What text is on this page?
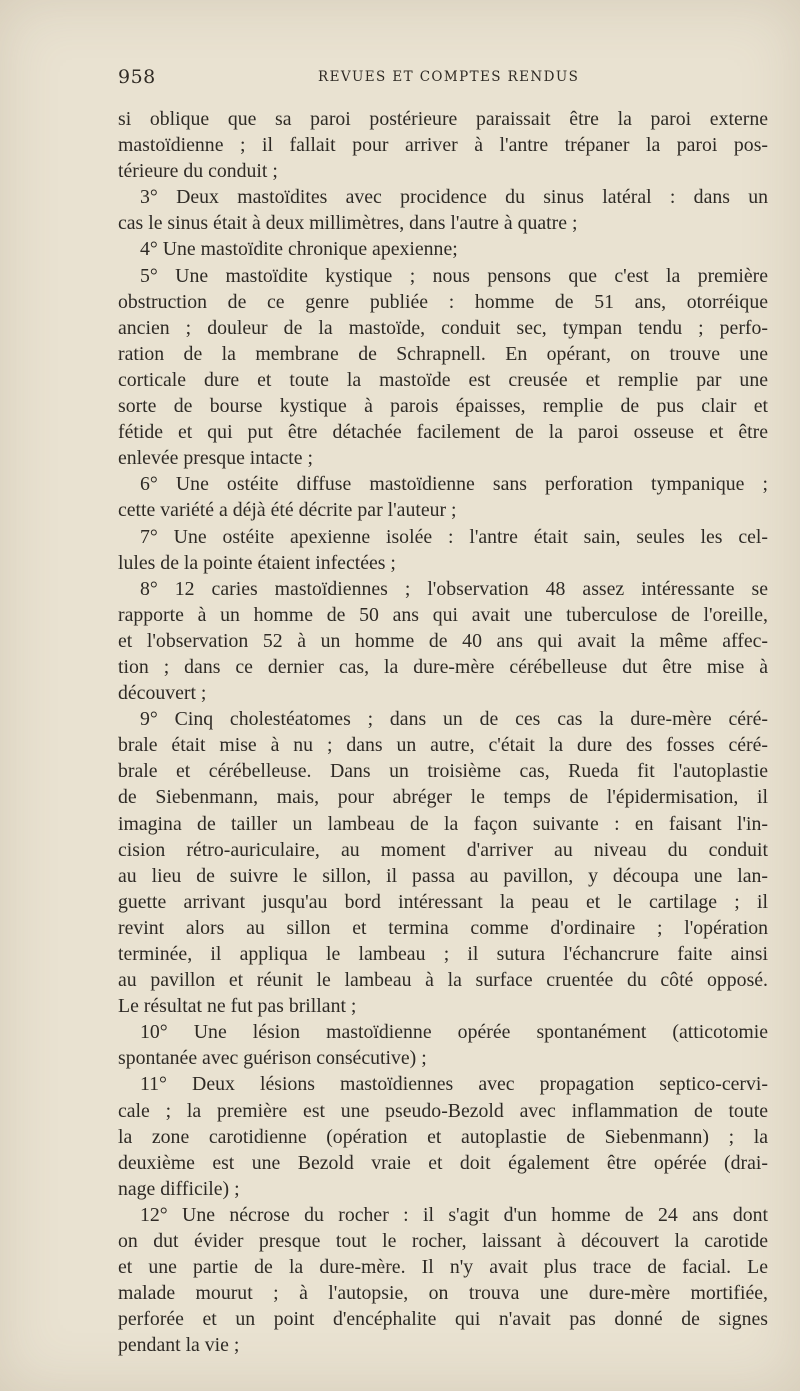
958	REVUES ET COMPTES RENDUS
si oblique que sa paroi postérieure paraissait être la paroi externe
mastoïdienne ; il fallait pour arriver à l'antre trépaner la paroi pos-
térieure du conduit ;
3° Deux mastoïdites avec procidence du sinus latéral : dans un
cas le sinus était à deux millimètres, dans l'autre à quatre ;
4° Une mastoïdite chronique apexienne;
5° Une mastoïdite kystique ; nous pensons que c'est la première
obstruction de ce genre publiée : homme de 51 ans, otorréique
ancien ; douleur de la mastoïde, conduit sec, tympan tendu ; perfo-
ration de la membrane de Schrapnell. En opérant, on trouve une
corticale dure et toute la mastoïde est creusée et remplie par une
sorte de bourse kystique à parois épaisses, remplie de pus clair et
fétide et qui put être détachée facilement de la paroi osseuse et être
enlevée presque intacte ;
6° Une ostéite diffuse mastoïdienne sans perforation tympanique ;
cette variété a déjà été décrite par l'auteur ;
7° Une ostéite apexienne isolée : l'antre était sain, seules les cel-
lules de la pointe étaient infectées ;
8° 12 caries mastoïdiennes ; l'observation 48 assez intéressante se
rapporte à un homme de 50 ans qui avait une tuberculose de l'oreille,
et l'observation 52 à un homme de 40 ans qui avait la même affec-
tion ; dans ce dernier cas, la dure-mère cérébelleuse dut être mise à
découvert ;
9° Cinq cholestéatomes ; dans un de ces cas la dure-mère céré-
brale était mise à nu ; dans un autre, c'était la dure des fosses céré-
brale et cérébelleuse. Dans un troisième cas, Rueda fit l'autoplastie
de Siebenmann, mais, pour abréger le temps de l'épidermisation, il
imagina de tailler un lambeau de la façon suivante : en faisant l'in-
cision rétro-auriculaire, au moment d'arriver au niveau du conduit
au lieu de suivre le sillon, il passa au pavillon, y découpa une lan-
guette arrivant jusqu'au bord intéressant la peau et le cartilage ; il
revint alors au sillon et termina comme d'ordinaire ; l'opération
terminée, il appliqua le lambeau ; il sutura l'échancrure faite ainsi
au pavillon et réunit le lambeau à la surface cruentée du côté opposé.
Le résultat ne fut pas brillant ;
10° Une lésion mastoïdienne opérée spontanément (atticotomie
spontanée avec guérison consécutive) ;
11° Deux lésions mastoïdiennes avec propagation septico-cervi-
cale ; la première est une pseudo-Bezold avec inflammation de toute
la zone carotidienne (opération et autoplastie de Siebenmann) ; la
deuxième est une Bezold vraie et doit également être opérée (drai-
nage difficile) ;
12° Une nécrose du rocher : il s'agit d'un homme de 24 ans dont
on dut évider presque tout le rocher, laissant à découvert la carotide
et une partie de la dure-mère. Il n'y avait plus trace de facial. Le
malade mourut ; à l'autopsie, on trouva une dure-mère mortifiée,
perforée et un point d'encéphalite qui n'avait pas donné de signes
pendant la vie ;
